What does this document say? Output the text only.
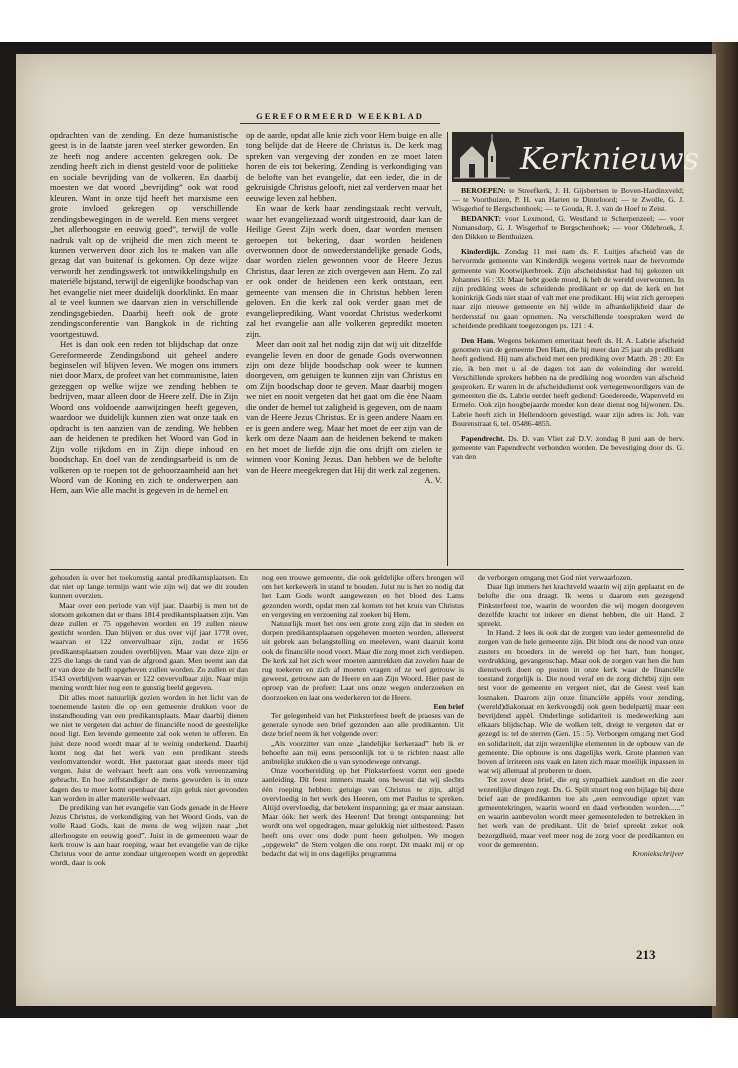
GEREFORMEERD WEEKBLAD

opdrachten van de zending. En deze humanistische geest is in de laatste jaren veel sterker geworden. En ze heeft nog andere accenten gekregen ook. De zending heeft zich in dienst gesteld voor de politieke en sociale bevrijding van de volkeren. En daarbij moesten we dat woord „bevrijding” ook wat rood kleuren. Want in onze tijd heeft het marxisme een grote invloed gekregen op verschillende zendingsbewegingen in de wereld. Een mens vergeet „het allerhoogste en eeuwig goed”, terwijl de volle nadruk valt op de vrijheid die men zich meent te kunnen verwerven door zich los te maken van alle gezag dat van buitenaf is gekomen. Op deze wijze verwordt het zendingswerk tot ontwikkelingshulp en materiële bijstand, terwijl de eigenlijke boodschap van het evangelie niet meer duidelijk doorklinkt. En maar al te veel kunnen we daarvan zien in verschillende zendingsgebieden. Daarbij heeft ook de grote zendingsconferentie van Bangkok in de richting voortgestuwd.

Het is dan ook een reden tot blijdschap dat onze Gereformeerde Zendingsbond uit geheel andere beginselen wil blijven leven. We mogen ons immers niet door Marx, de profeet van het communisme, laten gezeggen op welke wijze we zending hebben te bedrijven, maar alleen door de Heere zelf. Die in Zijn Woord ons voldoende aanwijzingen heeft gegeven, waardoor we duidelijk kunnen zien wat onze taak en opdracht is ten aanzien van de zending. We hebben aan de heidenen te prediken het Woord van God in Zijn volle rijkdom en in Zijn diepe inhoud en boodschap. En doel van de zendingsarbeid is om de volkeren op te roepen tot de gehoorzaamheid aan het Woord van de Koning en zich te onderwerpen aan Hem, aan Wie alle macht is gegeven in de hemel en

op de aarde, opdat alle knie zich voor Hem buige en alle tong belijde dat de Heere de Christus is. De kerk mag spreken van vergeving der zonden en ze moet laten horen de eis tot bekering. Zending is verkondiging van de belofte van het evangelie, dat een ieder, die in de gekruisigde Christus gelooft, niet zal verderven maar het eeuwige leven zal hebben.

En waar de kerk haar zendingstaak recht vervult, waar het evangeliezaad wordt uitgestrooid, daar kan de Heilige Geest Zijn werk doen, daar worden mensen geroepen tot bekering, daar worden heidenen overwonnen door de onwederstandelijke genade Gods, daar worden zielen gewonnen voor de Heere Jezus Christus, daar leren ze zich overgeven aan Hem. Zo zal er ook onder de heidenen een kerk ontstaan, een gemeente van mensen die in Christus hebben leren geloven. En die kerk zal ook verder gaan met de evangelieprediking. Want voordat Christus wederkomt zal het evangelie aan alle volkeren gepredikt moeten zijn.

Meer dan ooit zal het nodig zijn dat wij uit ditzelfde evangelie leven en door de genade Gods overwonnen zijn om deze blijde boodschap ook weer te kunnen doorgeven, om getuigen te kunnen zijn van Christus en om Zijn boodschap door te geven. Maar daarbij mogen we niet en nooit vergeten dat het gaat om die ène Naam die onder de hemel tot zaligheid is gegeven, om de naam van de Heere Jezus Christus. Er is geen andere Naam en er is geen andere weg. Maar het moet de eer zijn van de kerk om deze Naam aan de heidenen bekend te maken en het moet de liefde zijn die ons drijft om zielen te winnen voor Koning Jezus. Dan hebben we de belofte van de Heere meegekregen dat Hij dit werk zal zegenen.

A. V.
Kerknieuws

BEROEPEN: te Streefkerk, J. H. Gijsbertsen te Boven-Hardinxveld; — te Voorthuizen, P. H. van Harten te Dinteloord; — te Zwolle, G. J. Wisgerhof te Bergschenhoek; — te Gouda, R. J. van de Hoef te Zeist.

BEDANKT: voor Lexmond, G. Westland te Scherpenzeel; — voor Numansdorp, G. J. Wisgerhof te Bergschenhoek; — voor Oldebroek, J. den Dikken te Benthuizen.

Kinderdijk. Zondag 11 mei nam ds. F. Luitjes afscheid van de hervormde gemeente van Kinderdijk wegens vertrek naar de hervormde gemeente van Kootwijkerbroek. Zijn afscheidstekst had hij gekozen uit Johannes 16 : 33: Maar hebt goede moed, ik heb de wereld overwonnen. In zijn prediking wees de scheidende predikant er op dat de kerk en het koninkrijk Gods niet staat of valt met ene predikant. Hij wist zich geroepen naar zijn nieuwe gemeente en hij wilde in afhankelijkheid daar de herdersstaf nu gaan opnemen. Na verschillende toespraken werd de scheidende predikant toegezongen ps. 121 : 4.

Den Ham. Wegens bekomen emeritaat heeft ds. H. A. Labrie afscheid genomen van de gemeente Den Ham, die hij meer dan 25 jaar als predikant heeft gediend. Hij nam afscheid met een prediking over Matth. 28 : 20: En zie, ik ben met u al de dagen tot aan de voleinding der wereld. Verschillende sprekers hebben na de prediking nog woorden van afscheid gesproken. Er waren in de afscheidsdienst ook vertegenwoordigers van de gemeenten die ds. Labrie eerder heeft gediend: Goedereede, Wapenveld en Ermelo. Ook zijn hoogbejaarde moeder kon deze dienst nog bijwonen. Ds. Labrie heeft zich in Hellendoorn gevestigd, waar zijn adres is: Joh. van Buurenstraat 6, tel. 05486-4855.

Papendrecht. Ds. D. van Vliet zal D.V. zondag 8 juni aan de herv. gemeente van Papendrecht verbonden worden. De bevestiging door ds. G. van den

gehouden is over het toekomstig aantal predikantsplaatsen. En dat niet op lange termijn want wie zijn wij dat we dit zouden kunnen overzien.

Maar over een periode van vijf jaar. Daarbij is men tot de slotsom gekomen dat er thans 1814 predikantsplaatsen zijn. Van deze zullen er 75 opgeheven worden en 19 zullen nieuw gesticht worden. Dan blijven er dus over vijf jaar 1778 over, waarvan er 122 onvervulbaar zijn, zodat er 1656 predikantsplaatsen zouden overblijven. Maar van deze zijn er 225 die langs de rand van de afgrond gaan. Men neemt aan dat er van deze de helft opgeheven zullen worden. Zo zullen er dan 1543 overblijven waarvan er 122 onvervulbaar zijn. Naar mijn mening wordt hier nog een te gunstig beeld gegeven.

Dit alles moet natuurlijk gezien worden in het licht van de toenemende lasten die op een gemeente drukken voor de instandhouding van een predikantsplaats. Maar daarbij dienen we niet te vergeten dat achter de financiële nood de geestelijke nood ligt. Een levende gemeente zal ook weten te offeren. En juist deze nood wordt maar al te weinig onderkend. Daarbij komt nog dat het werk van een predikant steeds veelomvattender wordt. Het pastoraat gaat steeds meer tijd vergen. Juist de welvaart heeft aan ons volk vereenzaming gebracht. En hoe zelfstandiger de mens geworden is in onze dagen des te meer komt openbaar dat zijn geluk niet gevonden kan worden in aller materiële welvaart.

De prediking van het evangelie van Gods genade in de Heere Jezus Christus, de verkondiging van het Woord Gods, van de volle Raad Gods, kan de mens de weg wijzen naar „het allerhoogste en eeuwig goed”. Juist in de gemeenten waar de kerk trouw is aan haar roeping, waar het evangelie van de rijke Christus voor de arme zondaar uitgeroepen wordt en gepredikt wordt, daar is ook

nog een trouwe gemeente, die ook geldelijke offers brengen wil om het kerkewerk in stand te houden. Juist nu is het zo nodig dat het Lam Gods wordt aangewezen en het bloed des Lams gezonden wordt, opdat men zal komen tot het kruis van Christus en vergeving en verzoening zal zoeken bij Hem.

Natuurlijk moet het ons een grote zorg zijn dat in steden en dorpen predikantsplaatsen opgeheven moeten worden, allereerst uit gebrek aan belangstelling en meeleven, want daaruit komt ook de financiële nood voort. Maar die zorg moet zich verdiepen. De kerk zal het zich weer moeten aantrekken dat zovelen haar de rug toekeren en zich af moeten vragen of ze wel getrouw is geweest, getrouw aan de Heere en aan Zijn Woord. Hier past de oproep van de profeet: Laat ons onze wegen onderzoeken en doorzoeken en laat ons wederkeren tot de Heere.

Een brief

Ter gelegenheid van het Pinksterfeest heeft de praeses van de generale synode een brief gezonden aan alle predikanten. Uit deze brief neem ik het volgende over:

„Als voorzitter van onze „landelijke kerkeraad” heb ik er behoefte aan mij eens persoonlijk tot u te richten naast alle ambtelijke stukken die u van synodewege ontvangt.

Onze voorbereiding op het Pinksterfeest vormt een goede aanleiding. Dit feest immers maakt ons bewust dat wij slechts één roeping hebben: getuige van Christus te zijn, altijd overvloedig in het werk des Heeren, om met Paulus te spreken. Altijd overvloedig, dat betekent inspanning; ga er maar aanstaan. Maar óók: het werk des Heeren! Dat brengt ontspanning: het wordt ons wel opgedragen, maar gelukkig niet uitbesteed. Pasen heeft ons over ons dode punt heen geholpen. We mogen „opgewekt” de Stem volgen die ons roept. Dit maakt mij er op bedacht dat wij in ons dagelijks programma

de verborgen omgang met God niet verwaarlozen.

Daar ligt immers het krachtveld waarin wij zijn geplaatst en de belofte die ons draagt. Ik wens u daarom een gezegend Pinksterfeest toe, waarin de woorden die wij mogen doorgeven dezelfde kracht tot inkeer en dienst hebben, die uit Hand. 2 spreekt.

In Hand. 2 lees ik ook dat de zorgen van ieder gemeentelid de zorgen van de hele gemeente zijn. Dit bindt ons de nood van onze zusters en broeders in de wereld op het hart, hun honger, verdrukking, gevangenschap. Maar ook de zorgen van hen die hun dienstwerk doen op posten in onze kerk waar de financiële toestand zorgelijk is. Die nood veraf en de zorg dichtbij zijn een test voor de gemeente en vergeet niet, dat de Geest veel kan losmaken. Daarom zijn onze financiële appèls voor zending, (wereld)diakonaat en kerkvoogdij ook geen bedelpartij maar een bevrijdend appèl. Onderlinge solidariteit is medewerking aan elkaars blijdschap. Wie de wolken telt, dreigt te vergeten dat er gezegd is: tel de sterren (Gen. 15 : 5). Verborgen omgang met God en solidariteit, dat zijn wezenlijke elementen in de opbouw van de gemeente. Die opbouw is ons dagelijks werk. Grote plannen van boven af irriteren ons vaak en laten zich maar moeilijk inpassen in wat wij allemaal al proberen te doen.

Tot zover deze brief, die erg sympathiek aandoet en die zeer wezenlijke dingen zegt. Ds. G. Spilt stuurt nog een bijlage bij deze brief aan de predikanten toe als „een eenvoudige opzet van gemeentekringen, waarin woord en daad verbonden worden......” en waarin aanbevolen wordt meer gemeenteleden te betrekken in het werk van de predikant. Uit de brief spreekt zeker ook bezorgdheid, maar veel meer nog de zorg voor de predikanten en voor de gemeenten.

Kroniekschrijver
213
